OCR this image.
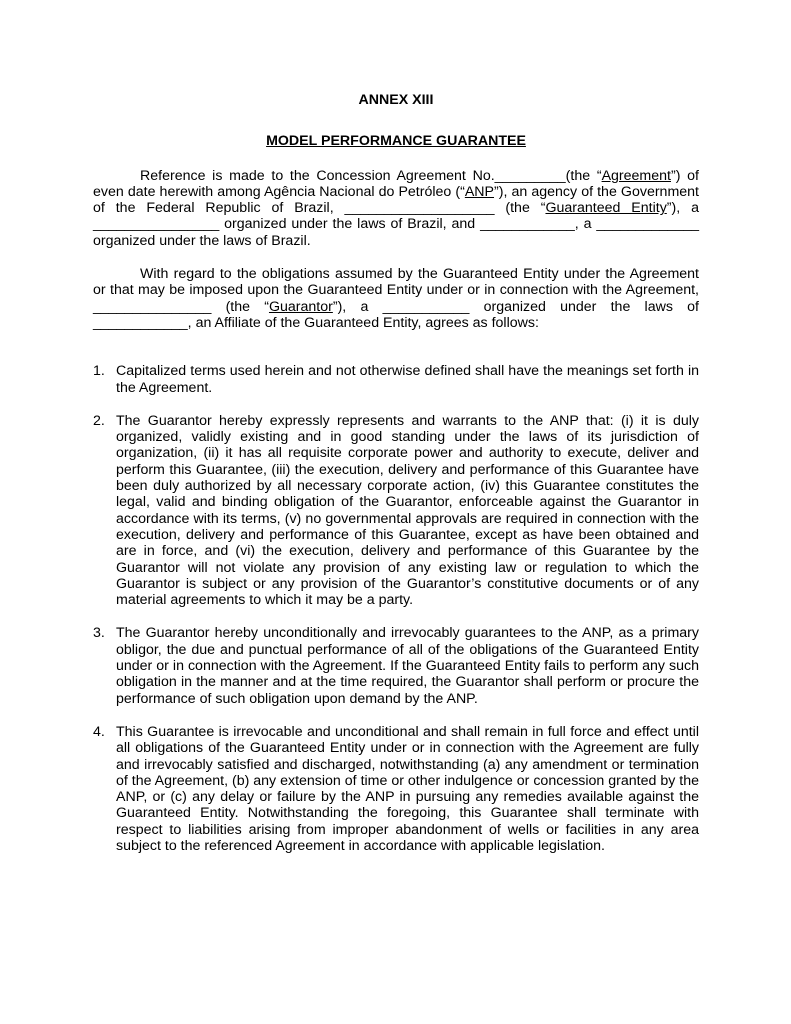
ANNEX XIII

MODEL PERFORMANCE GUARANTEE

Reference is made to the Concession Agreement No._________(the “Agreement”) of even date herewith among Agência Nacional do Petróleo (“ANP”), an agency of the Government of the Federal Republic of Brazil, ___________________ (the “Guaranteed Entity”), a ________________ organized under the laws of Brazil, and ____________, a _____________ organized under the laws of Brazil.

With regard to the obligations assumed by the Guaranteed Entity under the Agreement or that may be imposed upon the Guaranteed Entity under or in connection with the Agreement, _______________ (the “Guarantor”), a ___________ organized under the laws of ____________, an Affiliate of the Guaranteed Entity, agrees as follows:

1. Capitalized terms used herein and not otherwise defined shall have the meanings set forth in the Agreement.
2. The Guarantor hereby expressly represents and warrants to the ANP that: (i) it is duly organized, validly existing and in good standing under the laws of its jurisdiction of organization, (ii) it has all requisite corporate power and authority to execute, deliver and perform this Guarantee, (iii) the execution, delivery and performance of this Guarantee have been duly authorized by all necessary corporate action, (iv) this Guarantee constitutes the legal, valid and binding obligation of the Guarantor, enforceable against the Guarantor in accordance with its terms, (v) no governmental approvals are required in connection with the execution, delivery and performance of this Guarantee, except as have been obtained and are in force, and (vi) the execution, delivery and performance of this Guarantee by the Guarantor will not violate any provision of any existing law or regulation to which the Guarantor is subject or any provision of the Guarantor’s constitutive documents or of any material agreements to which it may be a party.
3. The Guarantor hereby unconditionally and irrevocably guarantees to the ANP, as a primary obligor, the due and punctual performance of all of the obligations of the Guaranteed Entity under or in connection with the Agreement. If the Guaranteed Entity fails to perform any such obligation in the manner and at the time required, the Guarantor shall perform or procure the performance of such obligation upon demand by the ANP.
4. This Guarantee is irrevocable and unconditional and shall remain in full force and effect until all obligations of the Guaranteed Entity under or in connection with the Agreement are fully and irrevocably satisfied and discharged, notwithstanding (a) any amendment or termination of the Agreement, (b) any extension of time or other indulgence or concession granted by the ANP, or (c) any delay or failure by the ANP in pursuing any remedies available against the Guaranteed Entity. Notwithstanding the foregoing, this Guarantee shall terminate with respect to liabilities arising from improper abandonment of wells or facilities in any area subject to the referenced Agreement in accordance with applicable legislation.
